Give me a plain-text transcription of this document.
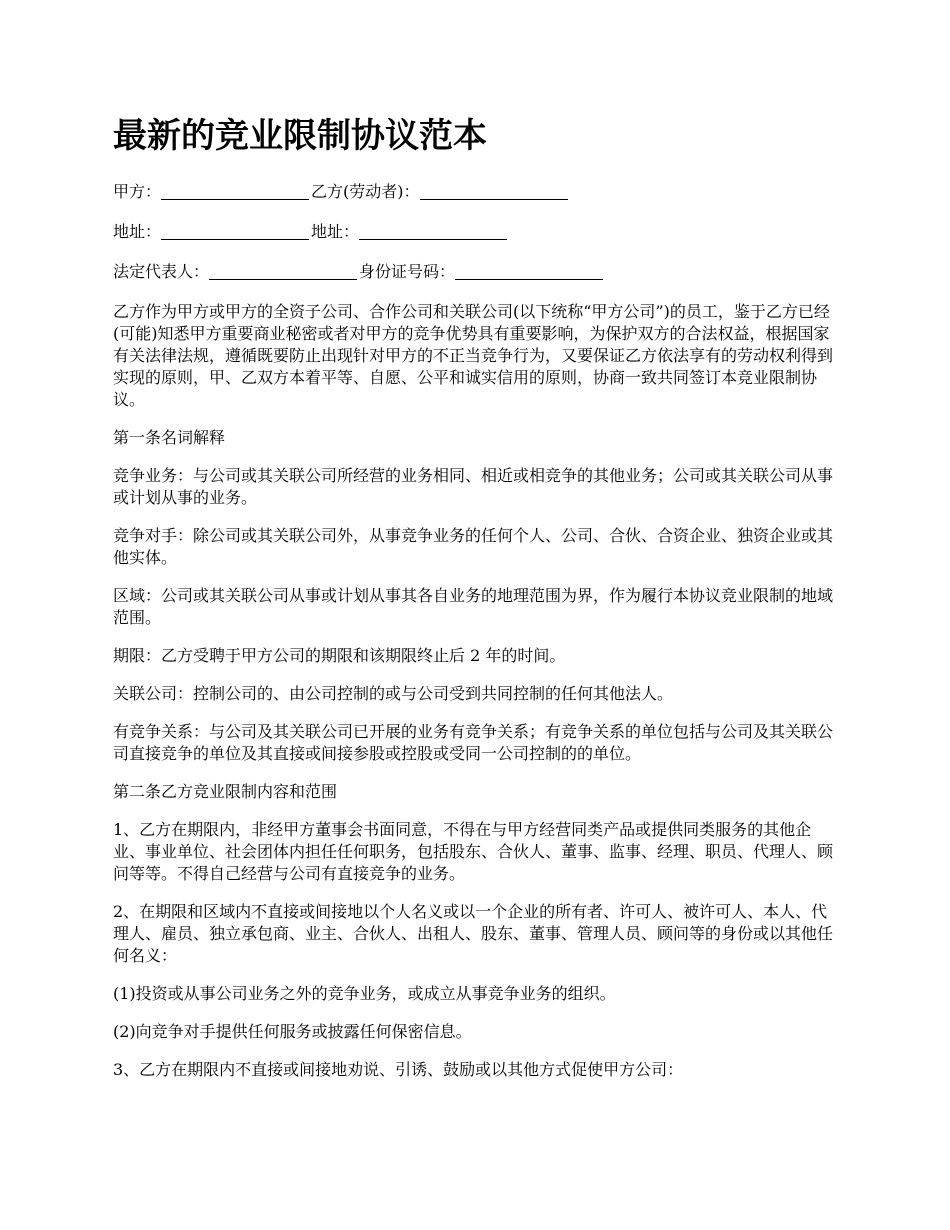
最新的竞业限制协议范本
甲方：	乙方(劳动者)：
地址：	地址：
法定代表人：	身份证号码：

乙方作为甲方或甲方的全资子公司、合作公司和关联公司(以下统称“甲方公司”)的员工，鉴于乙方已经(可能)知悉甲方重要商业秘密或者对甲方的竞争优势具有重要影响，为保护双方的合法权益，根据国家有关法律法规，遵循既要防止出现针对甲方的不正当竞争行为，又要保证乙方依法享有的劳动权利得到实现的原则，甲、乙双方本着平等、自愿、公平和诚实信用的原则，协商一致共同签订本竞业限制协议。

第一条名词解释

竞争业务：与公司或其关联公司所经营的业务相同、相近或相竞争的其他业务；公司或其关联公司从事或计划从事的业务。

竞争对手：除公司或其关联公司外，从事竞争业务的任何个人、公司、合伙、合资企业、独资企业或其他实体。

区域：公司或其关联公司从事或计划从事其各自业务的地理范围为界，作为履行本协议竞业限制的地域范围。

期限：乙方受聘于甲方公司的期限和该期限终止后 2 年的时间。

关联公司：控制公司的、由公司控制的或与公司受到共同控制的任何其他法人。

有竞争关系：与公司及其关联公司已开展的业务有竞争关系；有竞争关系的单位包括与公司及其关联公司直接竞争的单位及其直接或间接参股或控股或受同一公司控制的的单位。

第二条乙方竞业限制内容和范围

1、乙方在期限内，非经甲方董事会书面同意，不得在与甲方经营同类产品或提供同类服务的其他企业、事业单位、社会团体内担任任何职务，包括股东、合伙人、董事、监事、经理、职员、代理人、顾问等等。不得自己经营与公司有直接竞争的业务。

2、在期限和区域内不直接或间接地以个人名义或以一个企业的所有者、许可人、被许可人、本人、代理人、雇员、独立承包商、业主、合伙人、出租人、股东、董事、管理人员、顾问等的身份或以其他任何名义：

(1)投资或从事公司业务之外的竞争业务，或成立从事竞争业务的组织。

(2)向竞争对手提供任何服务或披露任何保密信息。

3、乙方在期限内不直接或间接地劝说、引诱、鼓励或以其他方式促使甲方公司：
